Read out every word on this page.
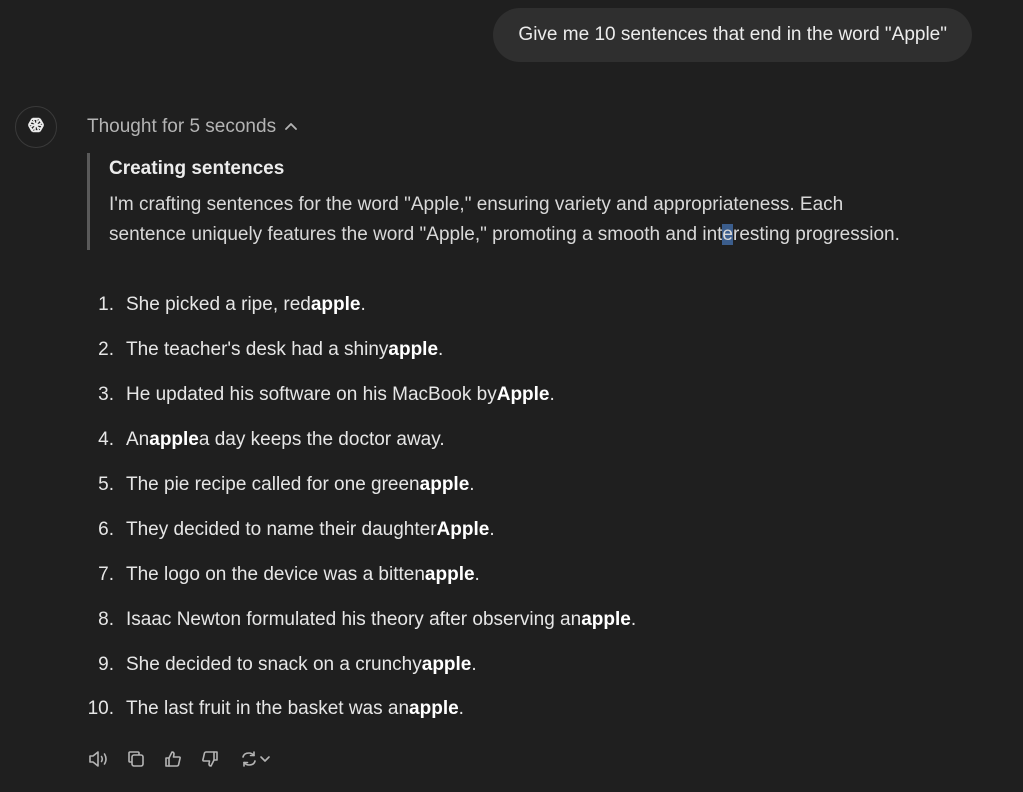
Give me 10 sentences that end in the word "Apple"
Thought for 5 seconds
Creating sentences

I'm crafting sentences for the word "Apple," ensuring variety and appropriateness. Each
sentence uniquely features the word "Apple," promoting a smooth and interesting progression.

1. She picked a ripe, red apple .
2. The teacher's desk had a shiny apple .
3. He updated his software on his MacBook by Apple .
4. An apple a day keeps the doctor away.
5. The pie recipe called for one green apple .
6. They decided to name their daughter Apple .
7. The logo on the device was a bitten apple .
8. Isaac Newton formulated his theory after observing an apple .
9. She decided to snack on a crunchy apple .
10. The last fruit in the basket was an apple .
